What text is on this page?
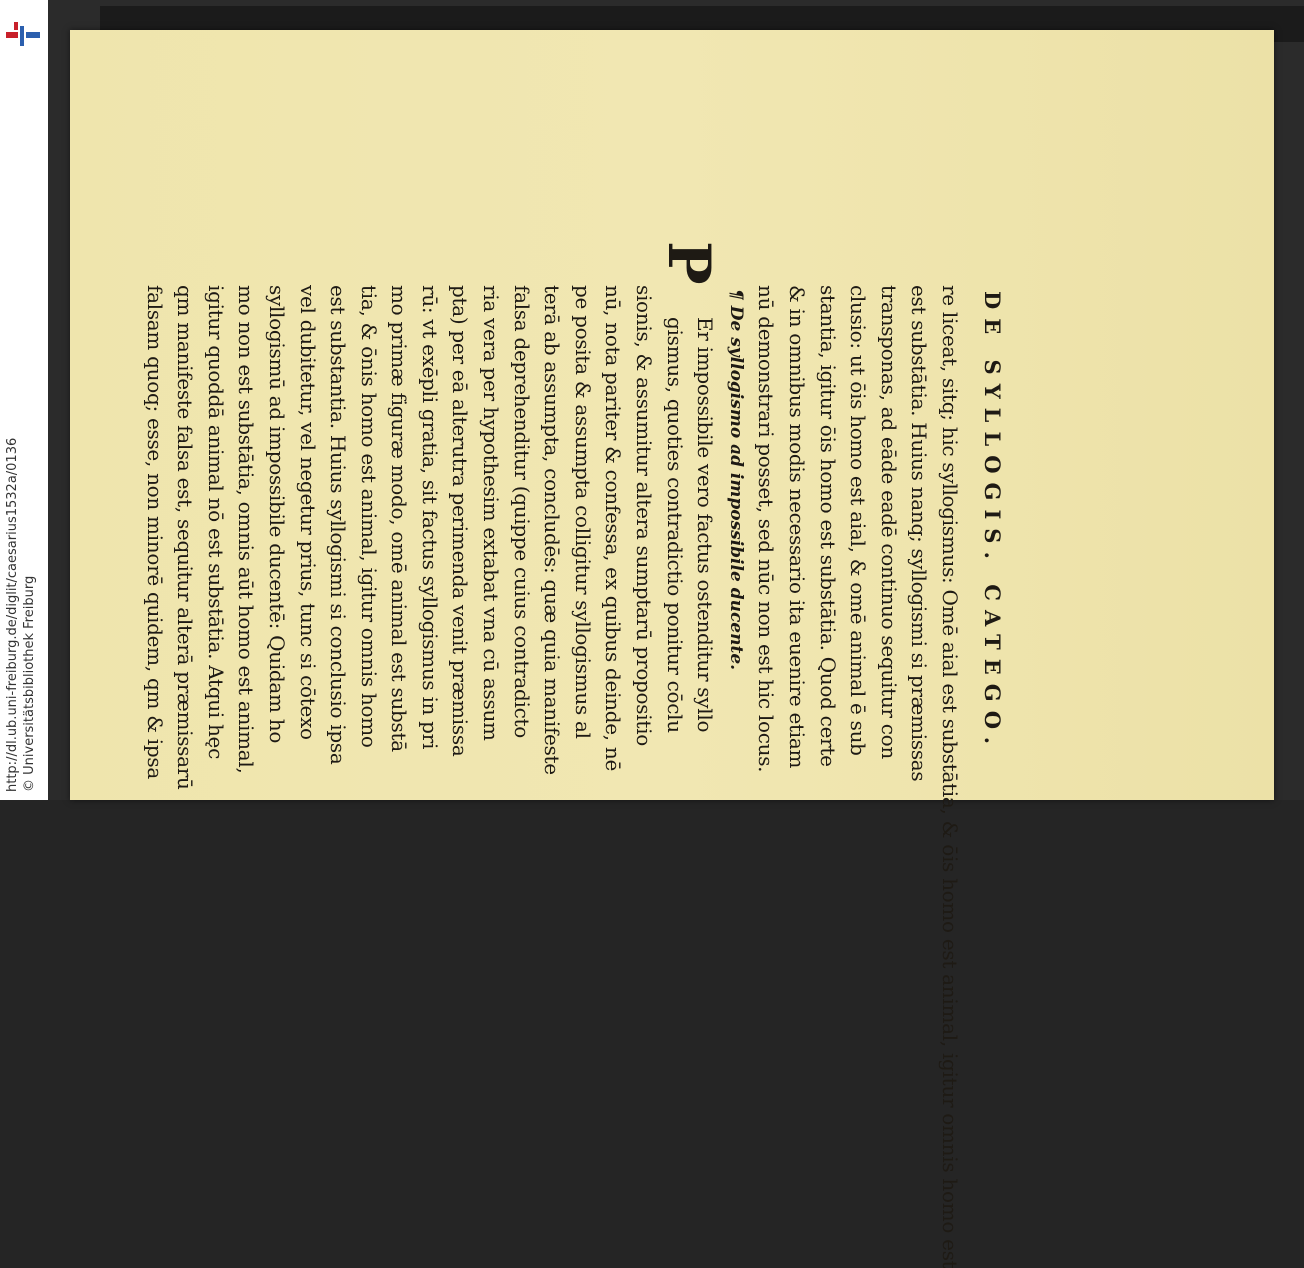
http://dl.ub.uni-freiburg.de/diglit/caesarius1532a/0136 © Universitätsbibliothek Freiburg	DE SYLLOGIS. CATEGO.
est substātia. Huius nanq; syllogismi si præmissas
transponas, ad eāde eadē continuo sequitur con
clusio: ut ōis homo est aial, & omē animal ē sub
stantia, igitur ōis homo est substātia. Quod certe
& in omnibus modis necessario ita euenire etiam
nū demonstrari posset, sed nūc non est hic locus.
¶ De syllogismo ad impossibile ducente.
P
Er impossibile vero factus ostenditur syllo
gismus, quoties contradictio ponitur cōclu
sionis, & assumitur altera sumptarū propositio
nū, nota pariter & confessa, ex quibus deinde, nē
pe posita & assumpta colligitur syllogismus al
terā ab assumpta, concludēs: quæ quia manifeste
falsa deprehenditur (quippe cuius contradicto
ria vera per hypothesim extabat vna cū assum
pta) per eā alterutra perimenda venit præmissa
rū: vt exēpli gratia, sit factus syllogismus in pri
mo primæ figuræ modo, omē animal est substā
tia, & ōnis homo est animal, igitur omnis homo
est substantia. Huius syllogismi si conclusio ipsa
vel dubitetur, vel negetur prius, tunc si cōtexo
syllogismū ad impossibile ducentē: Quidam ho
mo non est substātia, omnis aūt homo est animal,
igitur quoddā animal nō est substātia. Atqui hęc
qm manifeste falsa est, sequitur alterā præmissarū
falsam quoq; esse, non minorē quidem, qm & ipsa
